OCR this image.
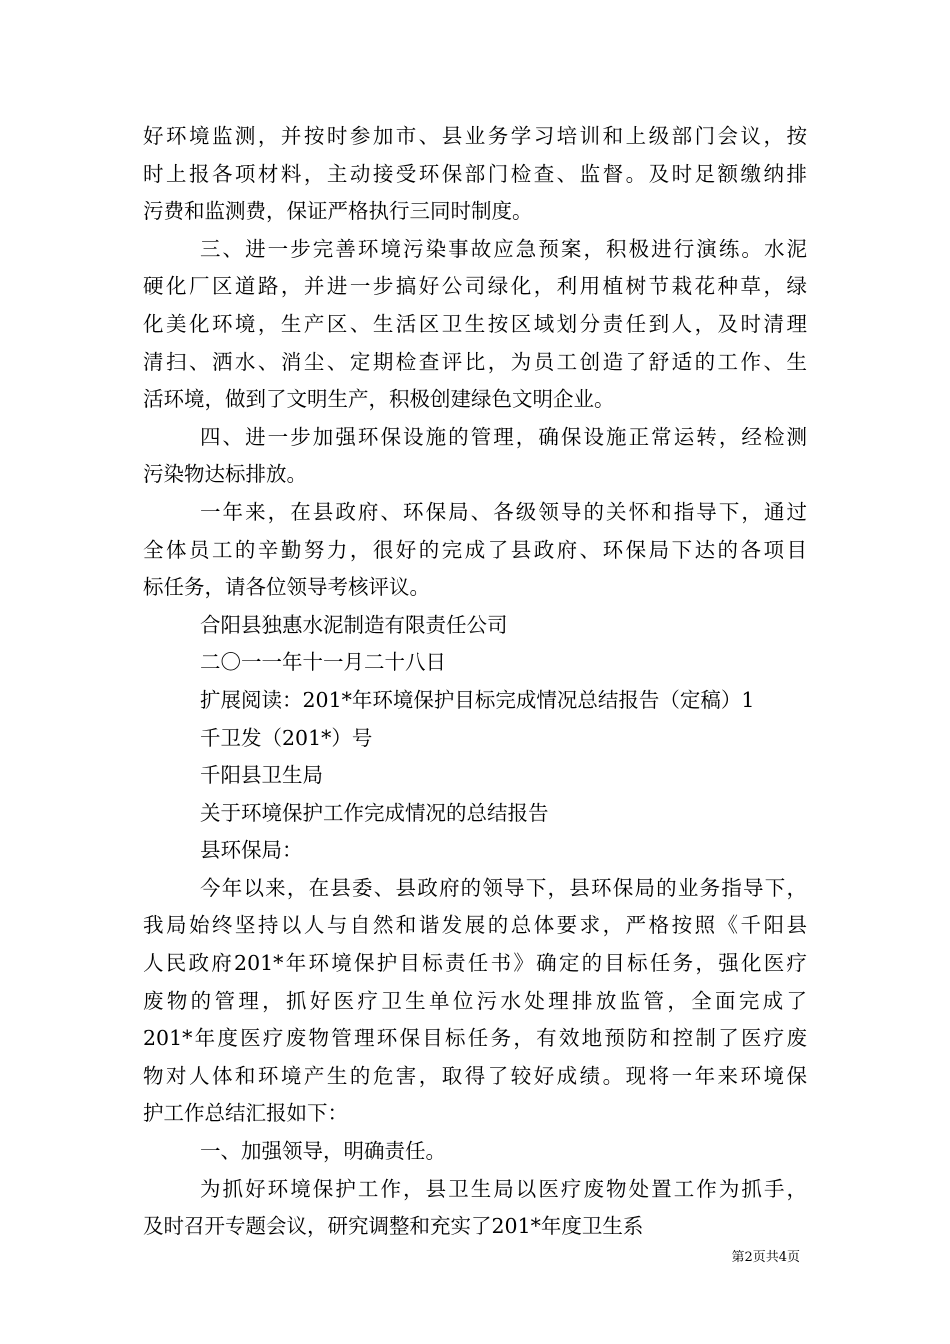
好环境监测，并按时参加市、县业务学习培训和上级部门会议，按
时上报各项材料，主动接受环保部门检查、监督。及时足额缴纳排
污费和监测费，保证严格执行三同时制度。
三、进一步完善环境污染事故应急预案，积极进行演练。水泥
硬化厂区道路，并进一步搞好公司绿化，利用植树节栽花种草，绿
化美化环境，生产区、生活区卫生按区域划分责任到人，及时清理
清扫、洒水、消尘、定期检查评比，为员工创造了舒适的工作、生
活环境，做到了文明生产，积极创建绿色文明企业。
四、进一步加强环保设施的管理，确保设施正常运转，经检测
污染物达标排放。
一年来，在县政府、环保局、各级领导的关怀和指导下，通过
全体员工的辛勤努力，很好的完成了县政府、环保局下达的各项目
标任务，请各位领导考核评议。
合阳县独惠水泥制造有限责任公司
二〇一一年十一月二十八日
扩展阅读：201*年环境保护目标完成情况总结报告（定稿）1
千卫发（201*）号
千阳县卫生局
关于环境保护工作完成情况的总结报告
县环保局：
今年以来，在县委、县政府的领导下，县环保局的业务指导下，
我局始终坚持以人与自然和谐发展的总体要求，严格按照《千阳县
人民政府201*年环境保护目标责任书》确定的目标任务，强化医疗
废物的管理，抓好医疗卫生单位污水处理排放监管，全面完成了
201*年度医疗废物管理环保目标任务，有效地预防和控制了医疗废
物对人体和环境产生的危害，取得了较好成绩。现将一年来环境保
护工作总结汇报如下：
一、加强领导，明确责任。
为抓好环境保护工作，县卫生局以医疗废物处置工作为抓手，
及时召开专题会议，研究调整和充实了201*年度卫生系
第2页共4页
